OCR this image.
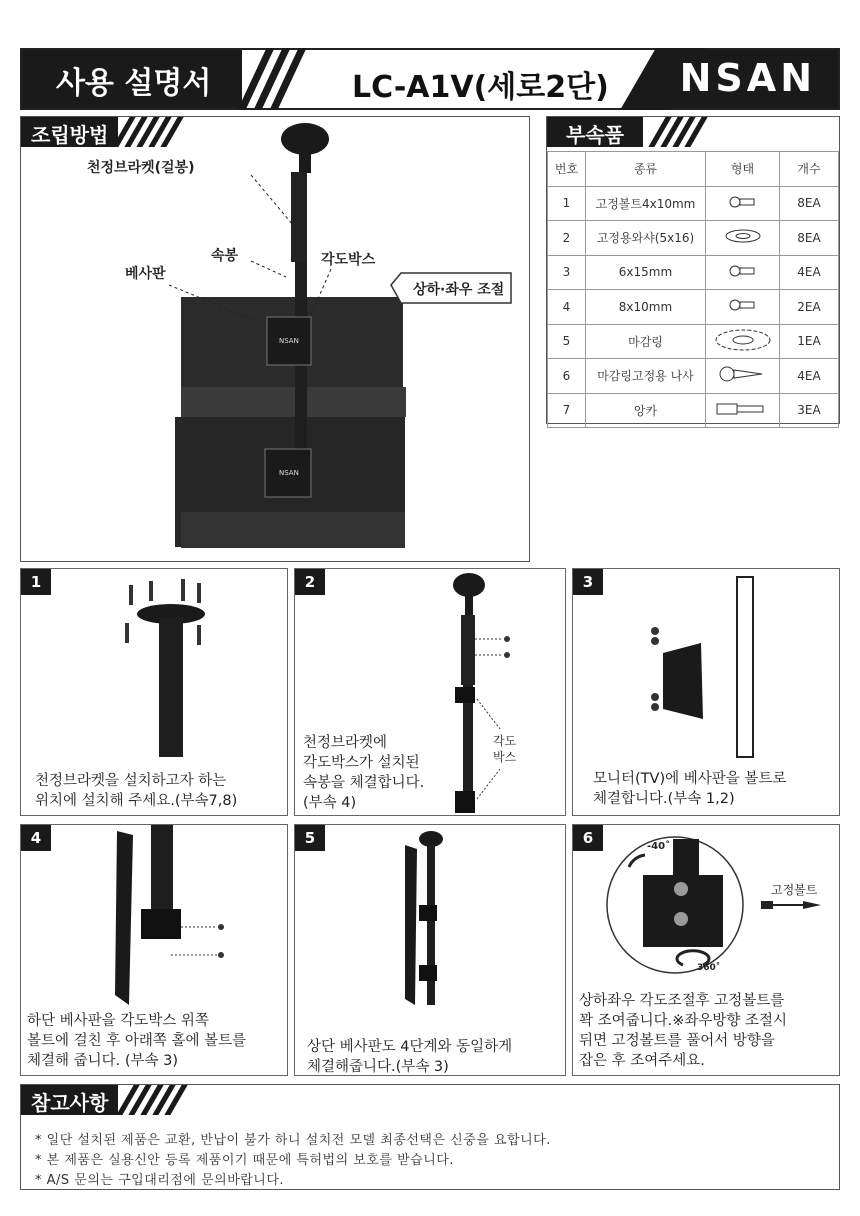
사용 설명서	LC-A1V(세로2단) NSAN
조립방법
NSAN
NSAN
천정브라켓(걸봉)
속봉
베사판
각도박스
상하·좌우 조절
부속품
번호	종류	형태	개수
1	고정볼트4x10mm		8EA
2	고정용와샤(5x16)		8EA
3	6x15mm		4EA
4	8x10mm		2EA
5	마감링		1EA
6	마감링고정용 나사		4EA
7	앙카		3EA
1
천정브라켓을 설치하고자 하는
위치에 설치해 주세요.(부속7,8)
2
각도
박스
천정브라켓에
각도박스가 설치된
속봉을 체결합니다.
(부속 4)
3
모니터(TV)에 베사판을 볼트로
체결합니다.(부속 1,2)
4
하단 베사판을 각도박스 위쪽
볼트에 걸친 후 아래쪽 홀에 볼트를
체결해 줍니다. (부속 3)
5
상단 베사판도 4단계와 동일하게
체결해줍니다.(부속 3)
6	-40˚
360˚
고정볼트
상하좌우 각도조절후 고정볼트를
꽉 조여줍니다.※좌우방향 조절시
뒤면 고정볼트를 풀어서 방향을
잡은 후 조여주세요.
참고사항
* 일단 설치된 제품은 교환, 반납이 불가 하니 설치전 모델 최종선택은 신중을 요합니다.
* 본 제품은 실용신안 등록 제품이기 때문에 특허법의 보호를 받습니다.
* A/S 문의는 구입대리점에 문의바랍니다.
